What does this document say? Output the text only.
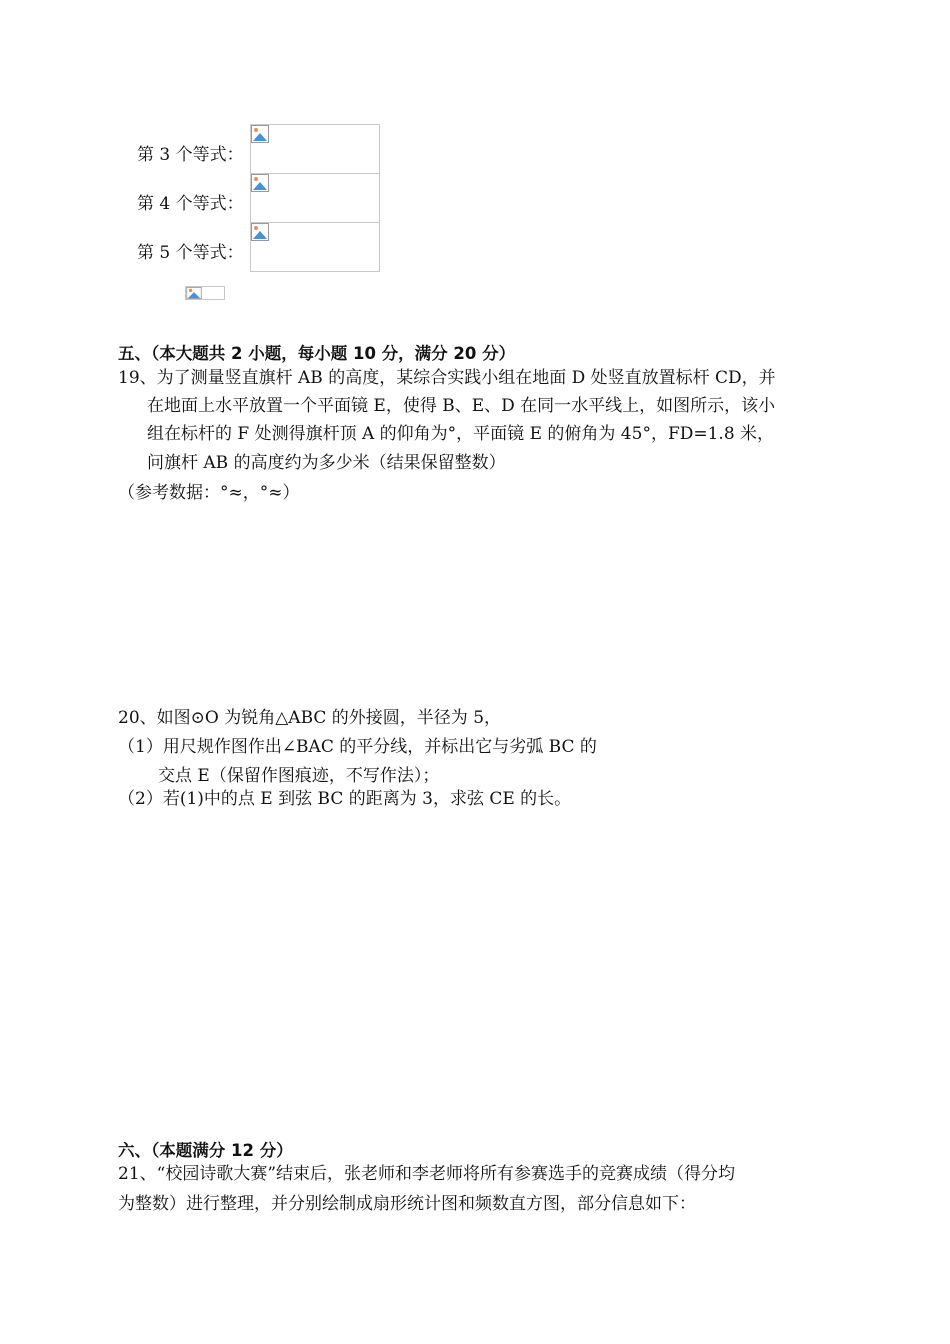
第 3 个等式：
第 4 个等式：
第 5 个等式：
五、（本大题共 2 小题，每小题 10 分，满分 20 分）
19、为了测量竖直旗杆 AB 的高度，某综合实践小组在地面 D 处竖直放置标杆 CD，并
在地面上水平放置一个平面镜 E，使得 B、E、D 在同一水平线上，如图所示，该小
组在标杆的 F 处测得旗杆顶 A 的仰角为°，平面镜 E 的俯角为 45°，FD=1.8 米，
问旗杆 AB 的高度约为多少米（结果保留整数）
（参考数据：°≈，°≈）
20、如图⊙O 为锐角△ABC 的外接圆，半径为 5，
（1）用尺规作图作出∠BAC 的平分线，并标出它与劣弧 BC 的
交点 E（保留作图痕迹，不写作法）；
（2）若(1)中的点 E 到弦 BC 的距离为 3，求弦 CE 的长。
六、（本题满分 12 分）
21、“校园诗歌大赛”结束后，张老师和李老师将所有参赛选手的竞赛成绩（得分均
为整数）进行整理，并分别绘制成扇形统计图和频数直方图，部分信息如下：
